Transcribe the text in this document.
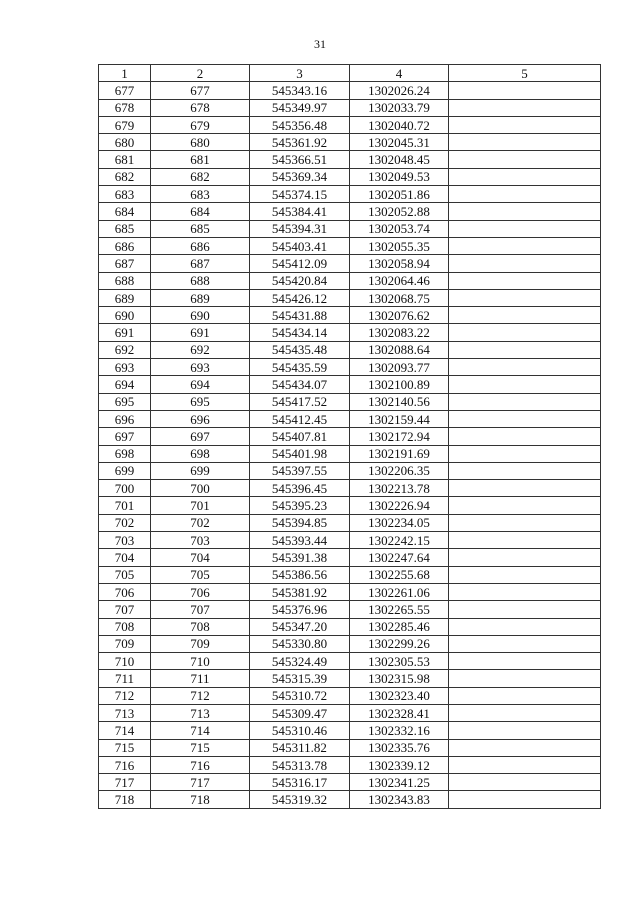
31
1	2	3	4	5
677	677	545343.16	1302026.24	
678	678	545349.97	1302033.79	
679	679	545356.48	1302040.72	
680	680	545361.92	1302045.31	
681	681	545366.51	1302048.45	
682	682	545369.34	1302049.53	
683	683	545374.15	1302051.86	
684	684	545384.41	1302052.88	
685	685	545394.31	1302053.74	
686	686	545403.41	1302055.35	
687	687	545412.09	1302058.94	
688	688	545420.84	1302064.46	
689	689	545426.12	1302068.75	
690	690	545431.88	1302076.62	
691	691	545434.14	1302083.22	
692	692	545435.48	1302088.64	
693	693	545435.59	1302093.77	
694	694	545434.07	1302100.89	
695	695	545417.52	1302140.56	
696	696	545412.45	1302159.44	
697	697	545407.81	1302172.94	
698	698	545401.98	1302191.69	
699	699	545397.55	1302206.35	
700	700	545396.45	1302213.78	
701	701	545395.23	1302226.94	
702	702	545394.85	1302234.05	
703	703	545393.44	1302242.15	
704	704	545391.38	1302247.64	
705	705	545386.56	1302255.68	
706	706	545381.92	1302261.06	
707	707	545376.96	1302265.55	
708	708	545347.20	1302285.46	
709	709	545330.80	1302299.26	
710	710	545324.49	1302305.53	
711	711	545315.39	1302315.98	
712	712	545310.72	1302323.40	
713	713	545309.47	1302328.41	
714	714	545310.46	1302332.16	
715	715	545311.82	1302335.76	
716	716	545313.78	1302339.12	
717	717	545316.17	1302341.25	
718	718	545319.32	1302343.83	
